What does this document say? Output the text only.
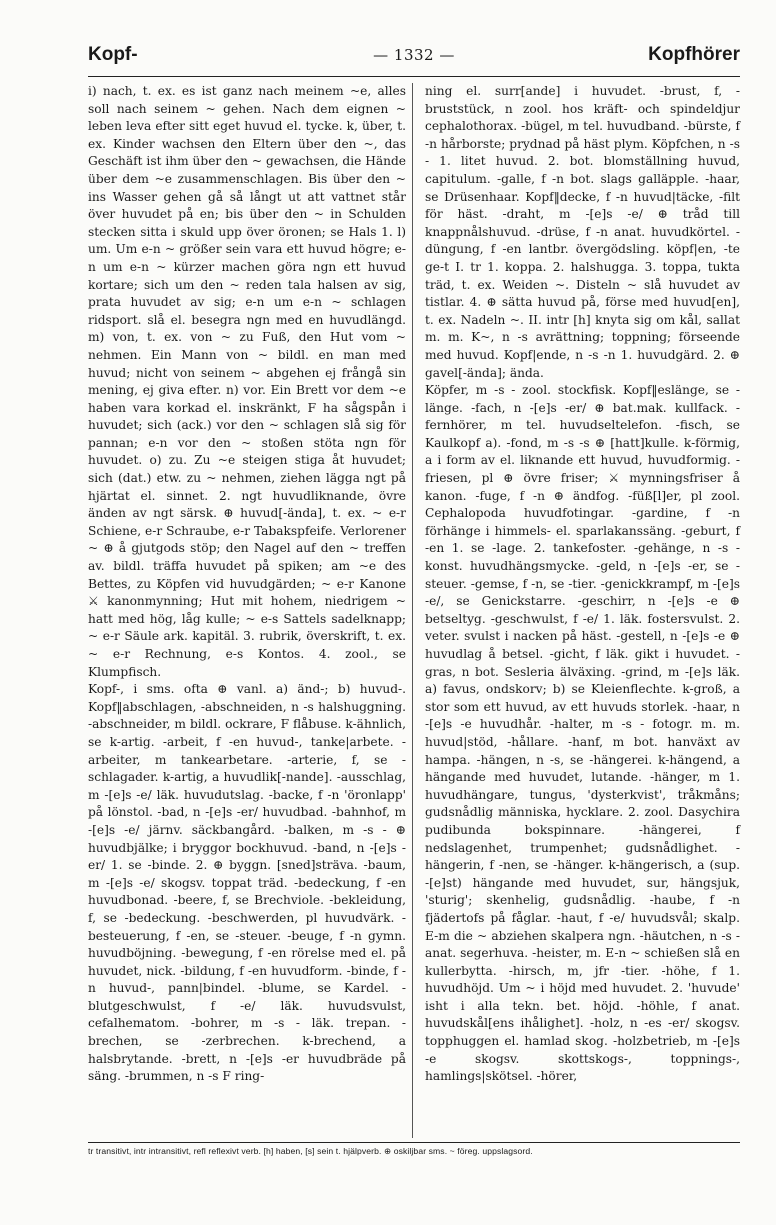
Kopf-	— 1332 —	Kopfhörer

i) nach, t. ex. es ist ganz nach meinem ~e, alles soll nach seinem ~ gehen. Nach dem eignen ~ leben leva efter sitt eget huvud el. tycke. k, über, t. ex. Kinder wachsen den Eltern über den ~, das Geschäft ist ihm über den ~ gewachsen, die Hände über dem ~e zusammenschlagen. Bis über den ~ ins Wasser gehen gå så långt ut att vattnet står över huvudet på en; bis über den ~ in Schulden stecken sitta i skuld upp över öronen; se Hals 1. l) um. Um e-n ~ größer sein vara ett huvud högre; e-n um e-n ~ kürzer machen göra ngn ett huvud kortare; sich um den ~ reden tala halsen av sig, prata huvudet av sig; e-n um e-n ~ schlagen ridsport. slå el. besegra ngn med en huvudlängd. m) von, t. ex. von ~ zu Fuß, den Hut vom ~ nehmen. Ein Mann von ~ bildl. en man med huvud; nicht von seinem ~ abgehen ej frångå sin mening, ej giva efter. n) vor. Ein Brett vor dem ~e haben vara korkad el. inskränkt, F ha sågspån i huvudet; sich (ack.) vor den ~ schlagen slå sig för pannan; e-n vor den ~ stoßen stöta ngn för huvudet. o) zu. Zu ~e steigen stiga åt huvudet; sich (dat.) etw. zu ~ nehmen, ziehen lägga ngt på hjärtat el. sinnet. 2. ngt huvudliknande, övre änden av ngt särsk. ⊕ huvud[-ända], t. ex. ~ e-r Schiene, e-r Schraube, e-r Tabakspfeife. Verlorener ~ ⊕ å gjutgods stöp; den Nagel auf den ~ treffen av. bildl. träffa huvudet på spiken; am ~e des Bettes, zu Köpfen vid huvudgärden; ~ e-r Kanone ⚔ kanonmynning; Hut mit hohem, niedrigem ~ hatt med hög, låg kulle; ~ e-s Sattels sadelknapp; ~ e-r Säule ark. kapitäl. 3. rubrik, överskrift, t. ex. ~ e-r Rechnung, e-s Kontos. 4. zool., se Klumpfisch.

Kopf-, i sms. ofta ⊕ vanl. a) änd-; b) huvud-. Kopf‖abschlagen, -abschneiden, n -s halshuggning. -abschneider, m bildl. ockrare, F flåbuse. k-ähnlich, se k-artig. -arbeit, f -en huvud-, tanke|arbete. -arbeiter, m tankearbetare. -arterie, f, se -schlagader. k-artig, a huvudlik[-nande]. -ausschlag, m -[e]s -e/ läk. huvudutslag. -backe, f -n 'öronlapp' på lönstol. -bad, n -[e]s -er/ huvudbad. -bahnhof, m -[e]s -e/ järnv. säckbangård. -balken, m -s - ⊕ huvudbjälke; i bryggor bockhuvud. -band, n -[e]s -er/ 1. se -binde. 2. ⊕ byggn. [sned]sträva. -baum, m -[e]s -e/ skogsv. toppat träd. -bedeckung, f -en huvudbonad. -beere, f, se Brechviole. -bekleidung, f, se -bedeckung. -beschwerden, pl huvudvärk. -besteuerung, f -en, se -steuer. -beuge, f -n gymn. huvudböjning. -bewegung, f -en rörelse med el. på huvudet, nick. -bildung, f -en huvudform. -binde, f -n huvud-, pann|bindel. -blume, se Kardel. -blutgeschwulst, f -e/ läk. huvudsvulst, cefalhematom. -bohrer, m -s - läk. trepan. -brechen, se -zerbrechen. k-brechend, a halsbrytande. -brett, n -[e]s -er huvudbräde på säng. -brummen, n -s F ring-

ning el. surr[ande] i huvudet. -brust, f, -bruststück, n zool. hos kräft- och spindeldjur cephalothorax. -bügel, m tel. huvudband. -bürste, f -n hårborste; prydnad på häst plym. Köpfchen, n -s - 1. litet huvud. 2. bot. blomställning huvud, capitulum. -galle, f -n bot. slags galläpple. -haar, se Drüsenhaar. Kopf‖decke, f -n huvud|täcke, -filt för häst. -draht, m -[e]s -e/ ⊕ tråd till knappnålshuvud. -drüse, f -n anat. huvudkörtel. -düngung, f -en lantbr. övergödsling. köpf|en, -te ge-t I. tr 1. koppa. 2. halshugga. 3. toppa, tukta träd, t. ex. Weiden ~. Disteln ~ slå huvudet av tistlar. 4. ⊕ sätta huvud på, förse med huvud[en], t. ex. Nadeln ~. II. intr [h] knyta sig om kål, sallat m. m. K~, n -s avrättning; toppning; förseende med huvud. Kopf|ende, n -s -n 1. huvudgärd. 2. ⊕ gavel[-ända]; ända.

Köpfer, m -s - zool. stockfisk. Kopf‖eslänge, se -länge. -fach, n -[e]s -er/ ⊕ bat.mak. kullfack. -fernhörer, m tel. huvudseltelefon. -fisch, se Kaulkopf a). -fond, m -s -s ⊕ [hatt]kulle. k-förmig, a i form av el. liknande ett huvud, huvudformig. -friesen, pl ⊕ övre friser; ⚔ mynningsfriser å kanon. -fuge, f -n ⊕ ändfog. -füß[l]er, pl zool. Cephalopoda huvudfotingar. -gardine, f -n förhänge i himmels- el. sparlakanssäng. -geburt, f -en 1. se -lage. 2. tankefoster. -gehänge, n -s - konst. huvudhängsmycke. -geld, n -[e]s -er, se -steuer. -gemse, f -n, se -tier. -genickkrampf, m -[e]s -e/, se Genickstarre. -geschirr, n -[e]s -e ⊕ betseltyg. -geschwulst, f -e/ 1. läk. fostersvulst. 2. veter. svulst i nacken på häst. -gestell, n -[e]s -e ⊕ huvudlag å betsel. -gicht, f läk. gikt i huvudet. -gras, n bot. Sesleria älväxing. -grind, m -[e]s läk. a) favus, ondskorv; b) se Kleienflechte. k-groß, a stor som ett huvud, av ett huvuds storlek. -haar, n -[e]s -e huvudhår. -halter, m -s - fotogr. m. m. huvud|stöd, -hållare. -hanf, m bot. hanväxt av hampa. -hängen, n -s, se -hängerei. k-hängend, a hängande med huvudet, lutande. -hänger, m 1. huvudhängare, tungus, 'dysterkvist', tråkmåns; gudsnådlig människa, hycklare. 2. zool. Dasychira pudibunda bokspinnare. -hängerei, f nedslagenhet, trumpenhet; gudsnådlighet. -hängerin, f -nen, se -hänger. k-hängerisch, a (sup. -[e]st) hängande med huvudet, sur, hängsjuk, 'sturig'; skenhelig, gudsnådlig. -haube, f -n fjädertofs på fåglar. -haut, f -e/ huvudsvål; skalp. E-m die ~ abziehen skalpera ngn. -häutchen, n -s - anat. segerhuva. -heister, m. E-n ~ schießen slå en kullerbytta. -hirsch, m, jfr -tier. -höhe, f 1. huvudhöjd. Um ~ i höjd med huvudet. 2. 'huvude' isht i alla tekn. bet. höjd. -höhle, f anat. huvudskål[ens ihålighet]. -holz, n -es -er/ skogsv. topphuggen el. hamlad skog. -holzbetrieb, m -[e]s -e skogsv. skottskogs-, toppnings-, hamlings|skötsel. -hörer,

tr transitivt, intr intransitivt, refl reflexivt verb. [h] haben, [s] sein t. hjälpverb. ⊕ oskiljbar sms. ~ föreg. uppslagsord.
